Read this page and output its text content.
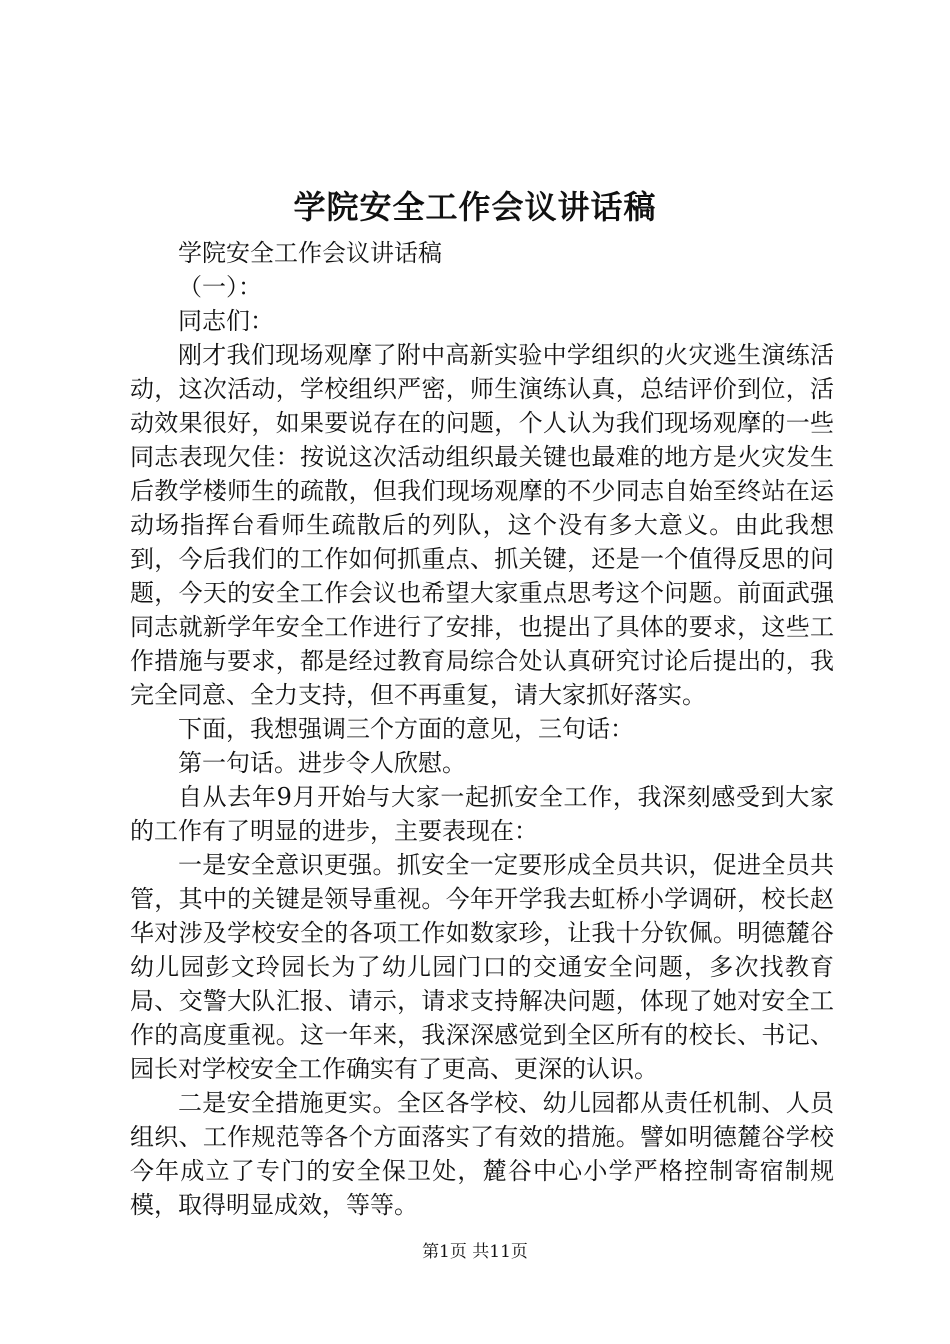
学院安全工作会议讲话稿

学院安全工作会议讲话稿

（一）：

同志们：

刚才我们现场观摩了附中高新实验中学组织的火灾逃生演练活动，这次活动，学校组织严密，师生演练认真，总结评价到位，活动效果很好，如果要说存在的问题，个人认为我们现场观摩的一些同志表现欠佳：按说这次活动组织最关键也最难的地方是火灾发生后教学楼师生的疏散，但我们现场观摩的不少同志自始至终站在运动场指挥台看师生疏散后的列队，这个没有多大意义。由此我想到，今后我们的工作如何抓重点、抓关键，还是一个值得反思的问题，今天的安全工作会议也希望大家重点思考这个问题。前面武强同志就新学年安全工作进行了安排，也提出了具体的要求，这些工作措施与要求，都是经过教育局综合处认真研究讨论后提出的，我完全同意、全力支持，但不再重复，请大家抓好落实。

下面，我想强调三个方面的意见，三句话：

第一句话。进步令人欣慰。

自从去年9月开始与大家一起抓安全工作，我深刻感受到大家的工作有了明显的进步，主要表现在：

一是安全意识更强。抓安全一定要形成全员共识，促进全员共管，其中的关键是领导重视。今年开学我去虹桥小学调研，校长赵华对涉及学校安全的各项工作如数家珍，让我十分钦佩。明德麓谷幼儿园彭文玲园长为了幼儿园门口的交通安全问题，多次找教育局、交警大队汇报、请示，请求支持解决问题，体现了她对安全工作的高度重视。这一年来，我深深感觉到全区所有的校长、书记、园长对学校安全工作确实有了更高、更深的认识。

二是安全措施更实。全区各学校、幼儿园都从责任机制、人员组织、工作规范等各个方面落实了有效的措施。譬如明德麓谷学校今年成立了专门的安全保卫处，麓谷中心小学严格控制寄宿制规模，取得明显成效，等等。

第1页 共11页
